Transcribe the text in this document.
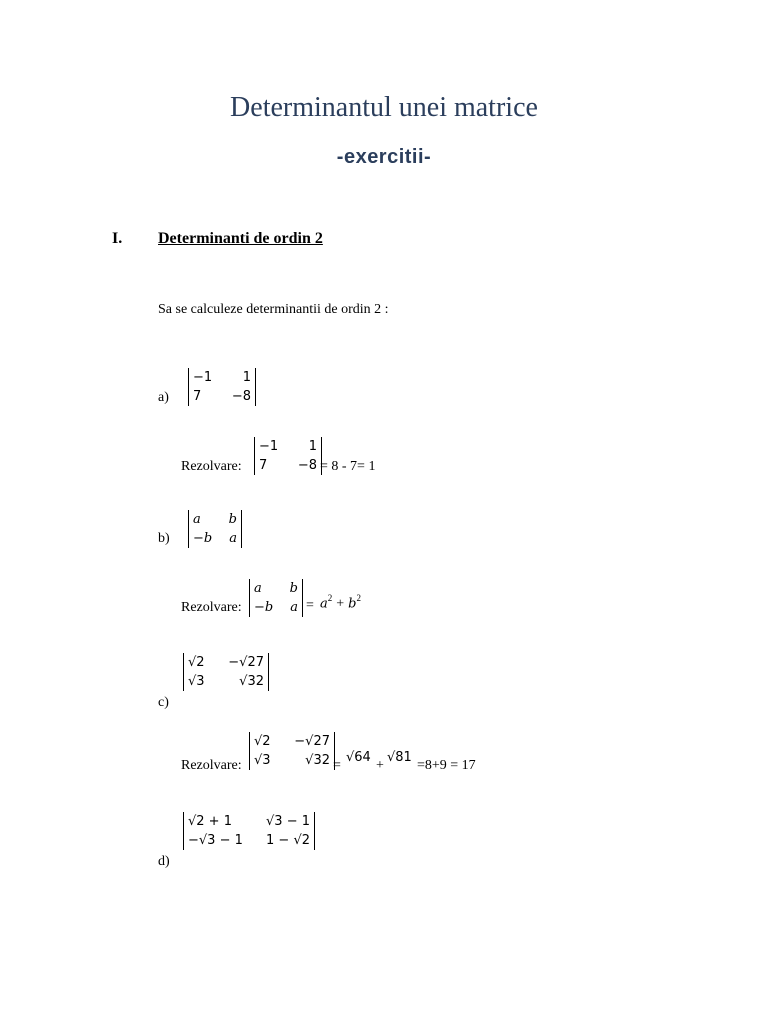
Determinantul unei matrice
-exercitii-
I. Determinanti de ordin 2
Sa se calculeze determinantii de ordin 2 :
−1	1
7	−8
a)
Rezolvare:
−1	1
7	−8 = 8 - 7= 1
a	b
−b	a
b)
Rezolvare:
a	b
−b	$a = a^2 + b^2$
√2	−√27
√3	√32
c)
Rezolvare:
√2	−√27
√3	√32 =
√64
+
√81
=8+9 = 17
√2 + 1	√3 − 1
−√3 − 1	1 − √2
d)
